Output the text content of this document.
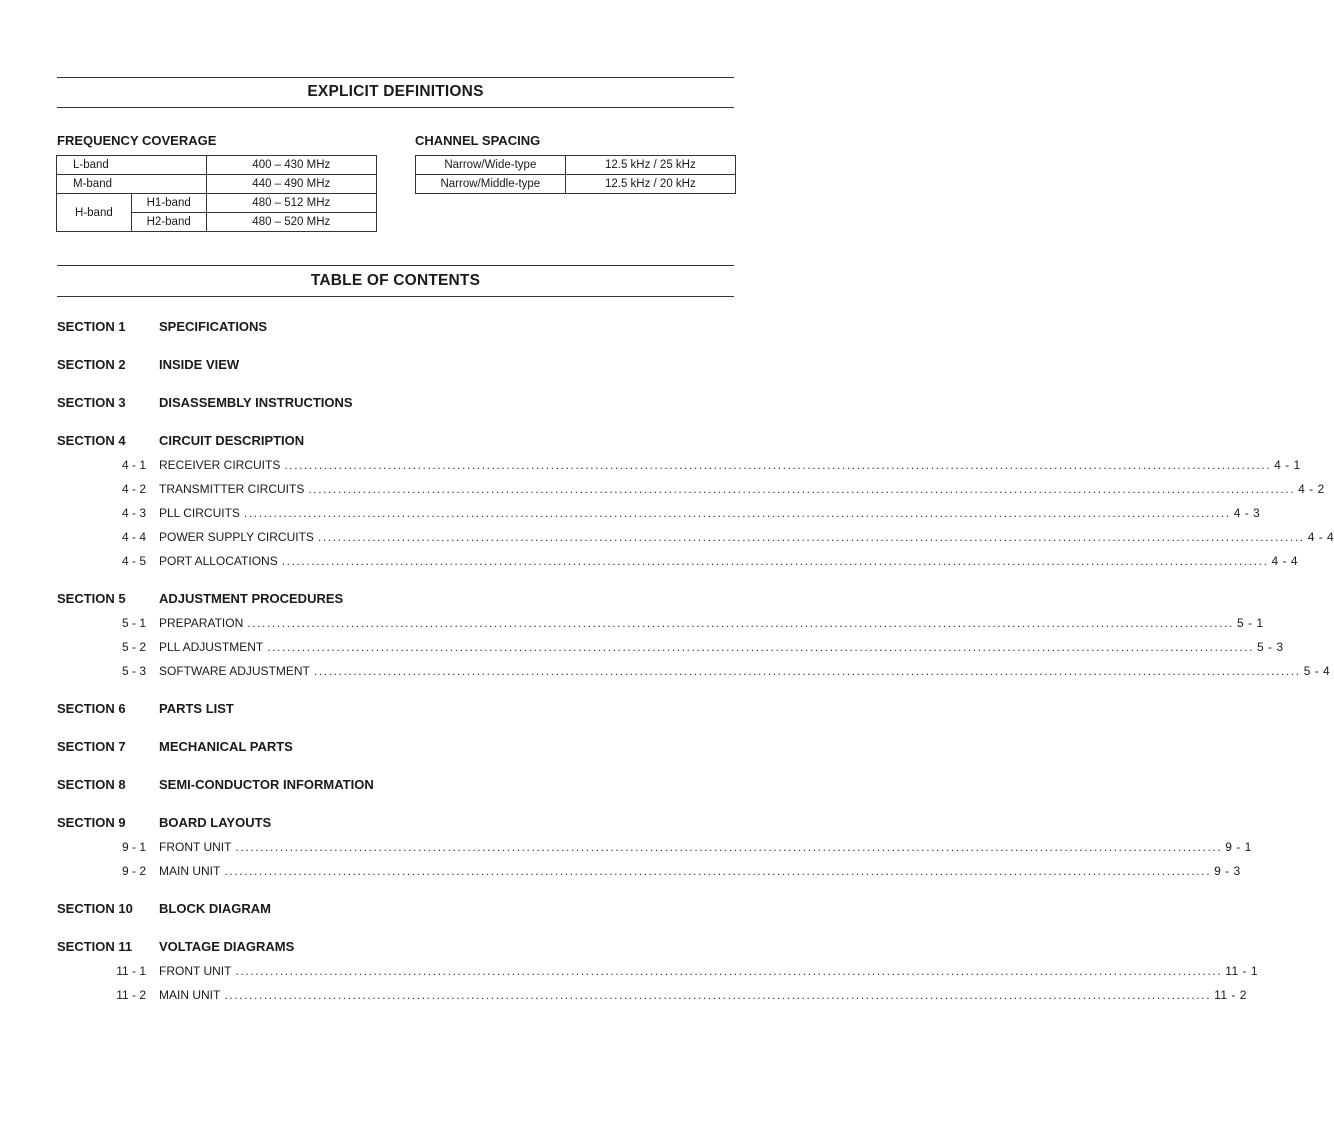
EXPLICIT DEFINITIONS
FREQUENCY COVERAGE
L-band		400 – 430 MHz
M-band		440 – 490 MHz
H-band	H1-band	480 – 512 MHz
	H2-band	480 – 520 MHz
CHANNEL SPACING
Narrow/Wide-type	12.5 kHz / 25 kHz
Narrow/Middle-type	12.5 kHz / 20 kHz
TABLE OF CONTENTS
SECTION 1	SPECIFICATIONS
SECTION 2	INSIDE VIEW
SECTION 3	DISASSEMBLY INSTRUCTIONS
SECTION 4	CIRCUIT DESCRIPTION
4 - 1 RECEIVER CIRCUITS ........................................................................................................................................................................................................ 4 - 1
4 - 2 TRANSMITTER CIRCUITS ........................................................................................................................................................................................................ 4 - 2
4 - 3 PLL CIRCUITS ........................................................................................................................................................................................................ 4 - 3
4 - 4 POWER SUPPLY CIRCUITS ........................................................................................................................................................................................................ 4 - 4
4 - 5 PORT ALLOCATIONS ........................................................................................................................................................................................................ 4 - 4
SECTION 5	ADJUSTMENT PROCEDURES
5 - 1 PREPARATION ........................................................................................................................................................................................................ 5 - 1
5 - 2 PLL ADJUSTMENT ........................................................................................................................................................................................................ 5 - 3
5 - 3 SOFTWARE ADJUSTMENT ........................................................................................................................................................................................................ 5 - 4
SECTION 6	PARTS LIST
SECTION 7	MECHANICAL PARTS
SECTION 8	SEMI-CONDUCTOR INFORMATION
SECTION 9	BOARD LAYOUTS
9 - 1 FRONT UNIT ........................................................................................................................................................................................................ 9 - 1
9 - 2 MAIN UNIT ........................................................................................................................................................................................................ 9 - 3
SECTION 10 BLOCK DIAGRAM
SECTION 11 VOLTAGE DIAGRAMS
11 - 1 FRONT UNIT ........................................................................................................................................................................................................ 11 - 1
11 - 2 MAIN UNIT ........................................................................................................................................................................................................ 11 - 2
